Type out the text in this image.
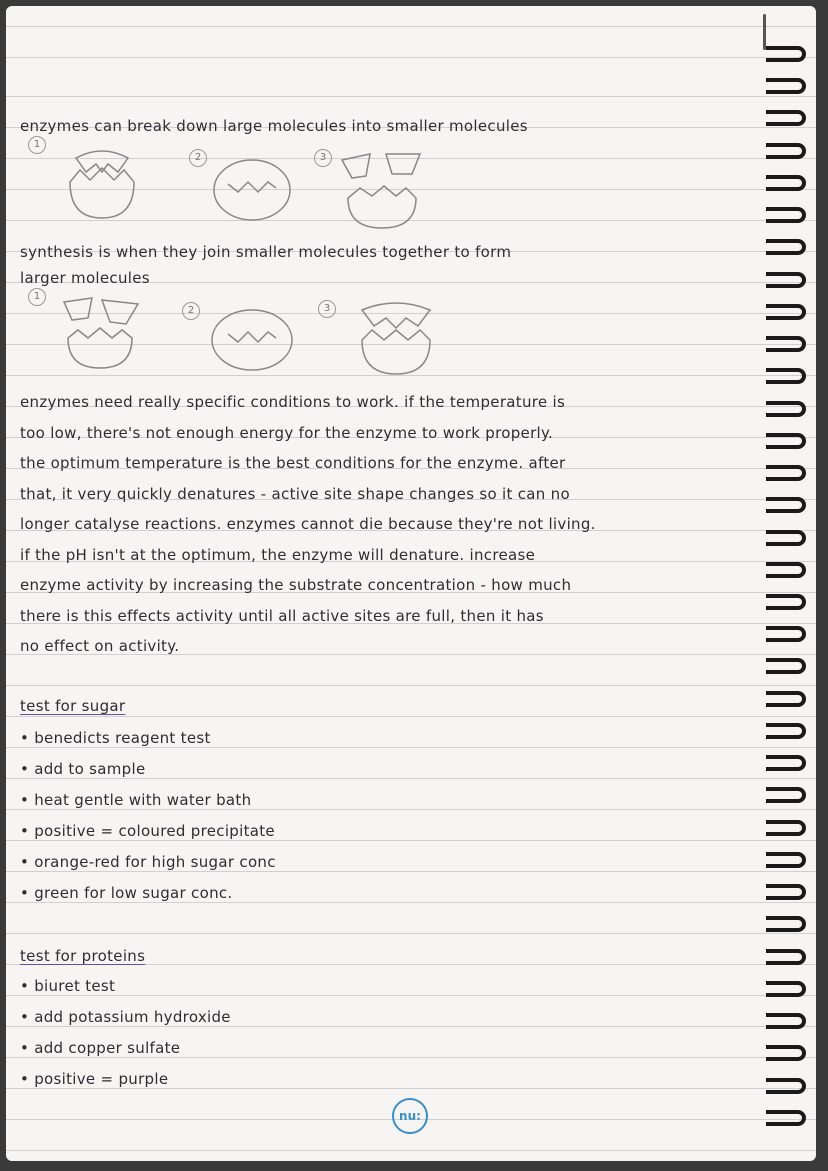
enzymes can break down large molecules into smaller molecules
1
2	3
synthesis is when they join smaller molecules together to form
larger molecules
1
2	3
enzymes need really specific conditions to work. if the temperature is
too low, there's not enough energy for the enzyme to work properly.
the optimum temperature is the best conditions for the enzyme. after
that, it very quickly denatures - active site shape changes so it can no
longer catalyse reactions. enzymes cannot die because they're not living.
if the pH isn't at the optimum, the enzyme will denature. increase
enzyme activity by increasing the substrate concentration - how much
there is this effects activity until all active sites are full, then it has
no effect on activity.
test for sugar
• benedicts reagent test
• add to sample
• heat gentle with water bath
• positive = coloured precipitate
• orange-red for high sugar conc
• green for low sugar conc.
test for proteins
• biuret test
• add potassium hydroxide
• add copper sulfate
• positive = purple
nu:
